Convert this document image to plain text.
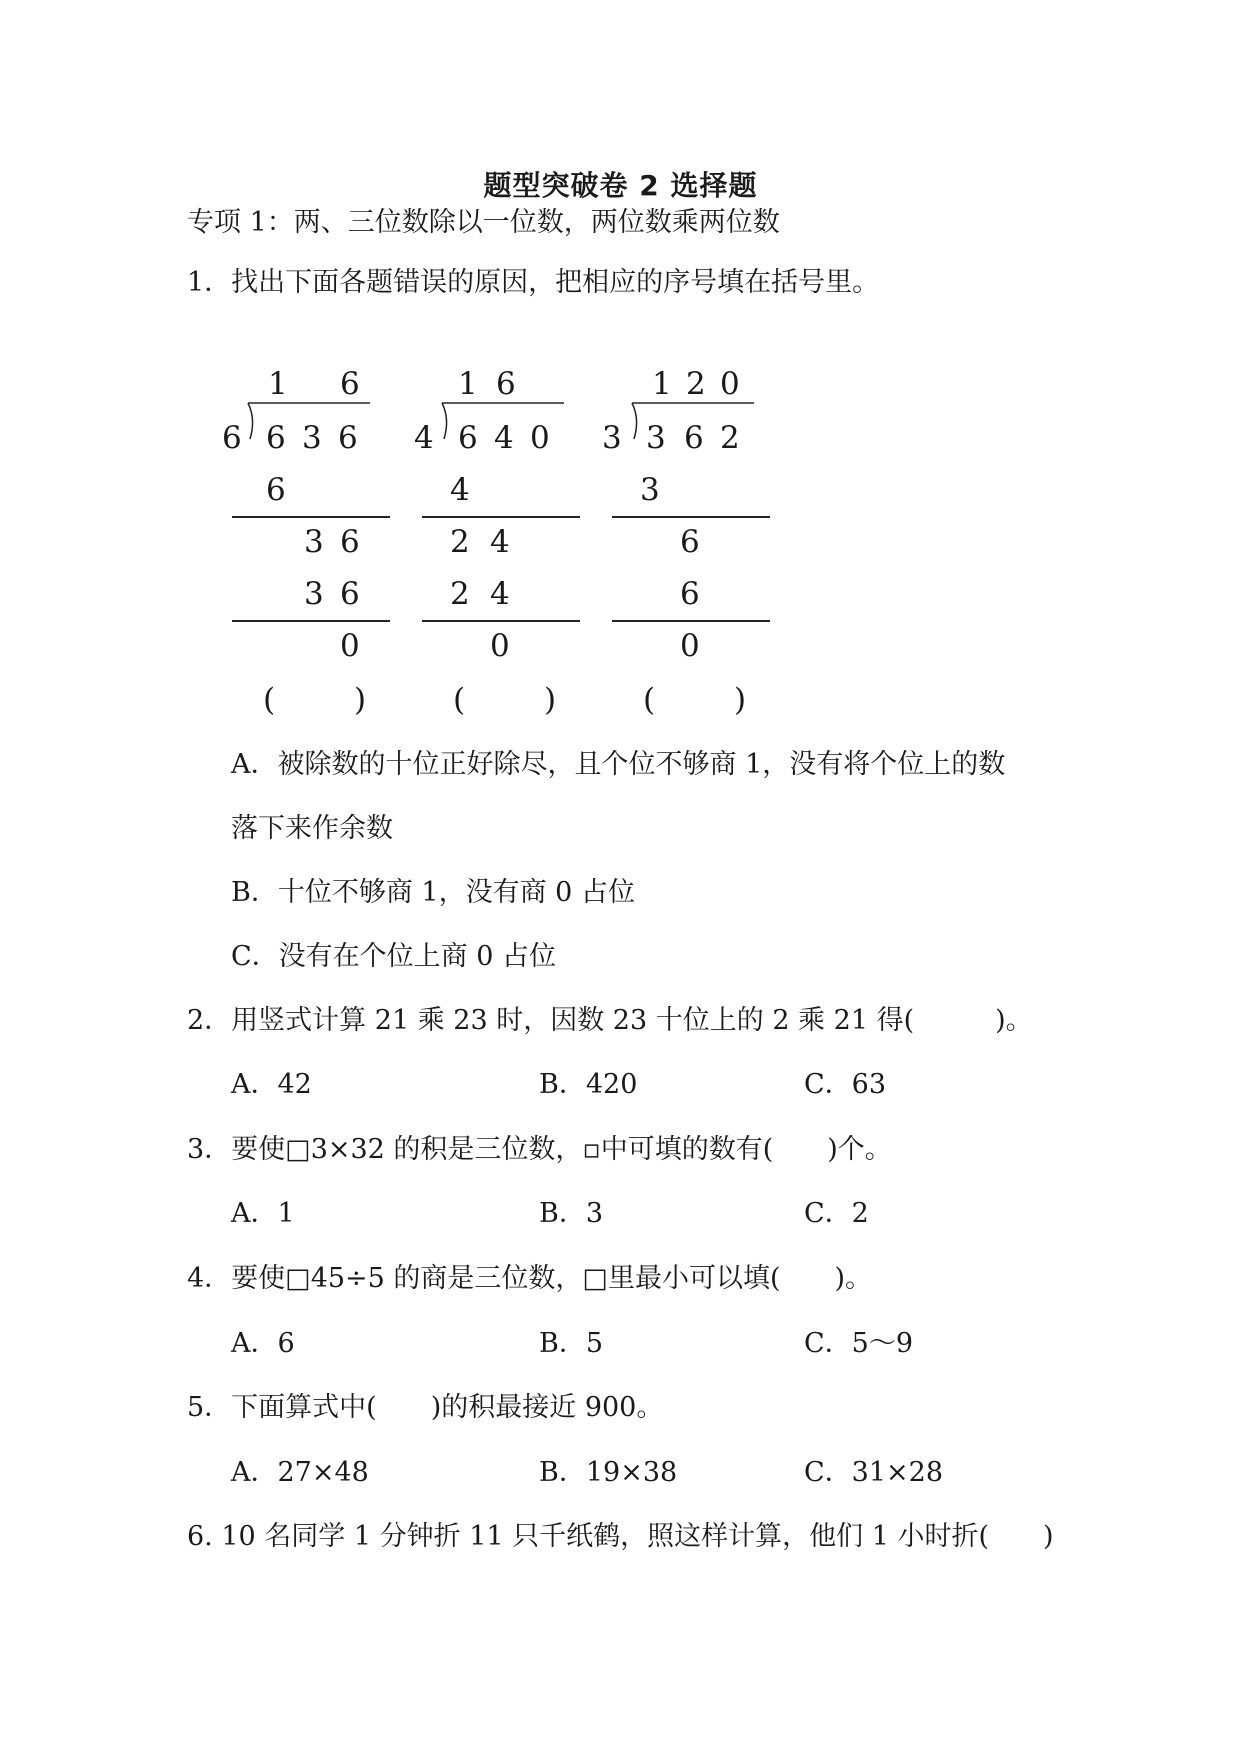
题型突破卷 2 选择题
专项 1：两、三位数除以一位数，两位数乘两位数
1．找出下面各题错误的原因，把相应的序号填在括号里。
1 6
6 6 3 6
6
3 6
3 6
0
(	)
1 6
4 6 4 0
4
2 4
2 4
0
(	)
1 2 0
3 3 6 2
3
6
6
0
(	)
A．被除数的十位正好除尽，且个位不够商 1，没有将个位上的数
落下来作余数
B．十位不够商 1，没有商 0 占位
C．没有在个位上商 0 占位
2．用竖式计算 21 乘 23 时，因数 23 十位上的 2 乘 21 得(　　　)。
A．42	B．420	C．63
3．要使□3×32 的积是三位数，▫中可填的数有(　　)个。
A．1	B．3	C．2
4．要使□45÷5 的商是三位数，□里最小可以填(　　)。
A．6	B．5	C．5～9
5．下面算式中(　　)的积最接近 900。
A．27×48	B．19×38	C．31×28
6. 10 名同学 1 分钟折 11 只千纸鹤，照这样计算，他们 1 小时折(　　)
